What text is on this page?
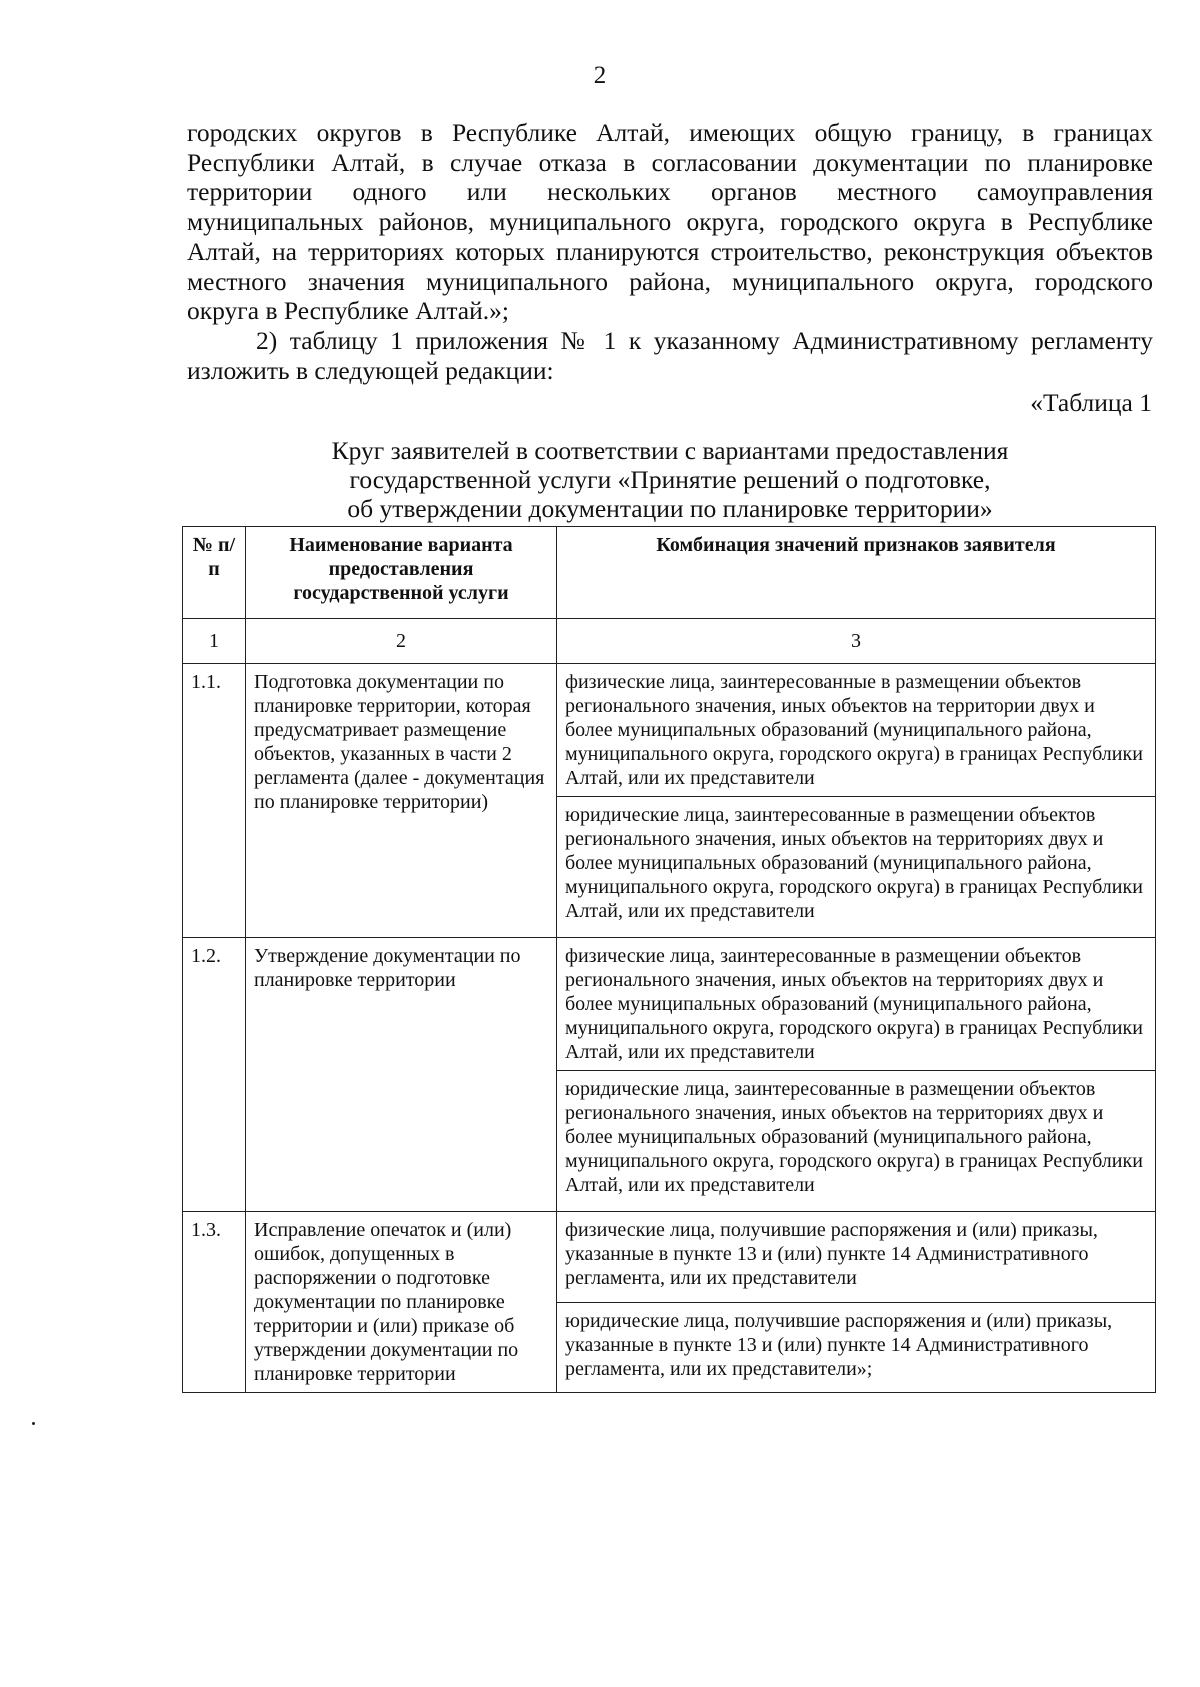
2
городских округов в Республике Алтай, имеющих общую границу, в границах
Республики Алтай, в случае отказа в согласовании документации по планировке
территории одного или нескольких органов местного самоуправления
муниципальных районов, муниципального округа, городского округа в Республике
Алтай, на территориях которых планируются строительство, реконструкция объектов
местного значения муниципального района, муниципального округа, городского
округа в Республике Алтай.»;
2) таблицу 1 приложения № 1 к указанному Административному регламенту
изложить в следующей редакции:
«Таблица 1
Круг заявителей в соответствии с вариантами предоставления
государственной услуги «Принятие решений о подготовке,
об утверждении документации по планировке территории»
№ п/п	Наименование варианта предоставления государственной услуги	Комбинация значений признаков заявителя
1	2	3
1.1.	Подготовка документации по планировке территории, которая предусматривает размещение объектов, указанных в части 2 регламента (далее - документация по планировке территории)	физические лица, заинтересованные в размещении объектов регионального значения, иных объектов на территории двух и более муниципальных образований (муниципального района, муниципального округа, городского округа) в границах Республики Алтай, или их представители
		юридические лица, заинтересованные в размещении объектов регионального значения, иных объектов на территориях двух и более муниципальных образований (муниципального района, муниципального округа, городского округа) в границах Республики Алтай, или их представители
1.2.	Утверждение документации по планировке территории	физические лица, заинтересованные в размещении объектов регионального значения, иных объектов на территориях двух и более муниципальных образований (муниципального района, муниципального округа, городского округа) в границах Республики Алтай, или их представители
		юридические лица, заинтересованные в размещении объектов регионального значения, иных объектов на территориях двух и более муниципальных образований (муниципального района, муниципального округа, городского округа) в границах Республики Алтай, или их представители
1.3.	Исправление опечаток и (или) ошибок, допущенных в распоряжении о подготовке документации по планировке территории и (или) приказе об утверждении документации по планировке территории	физические лица, получившие распоряжения и (или) приказы, указанные в пункте 13 и (или) пункте 14 Административного регламента, или их представители
		юридические лица, получившие распоряжения и (или) приказы, указанные в пункте 13 и (или) пункте 14 Административного регламента, или их представители»;
